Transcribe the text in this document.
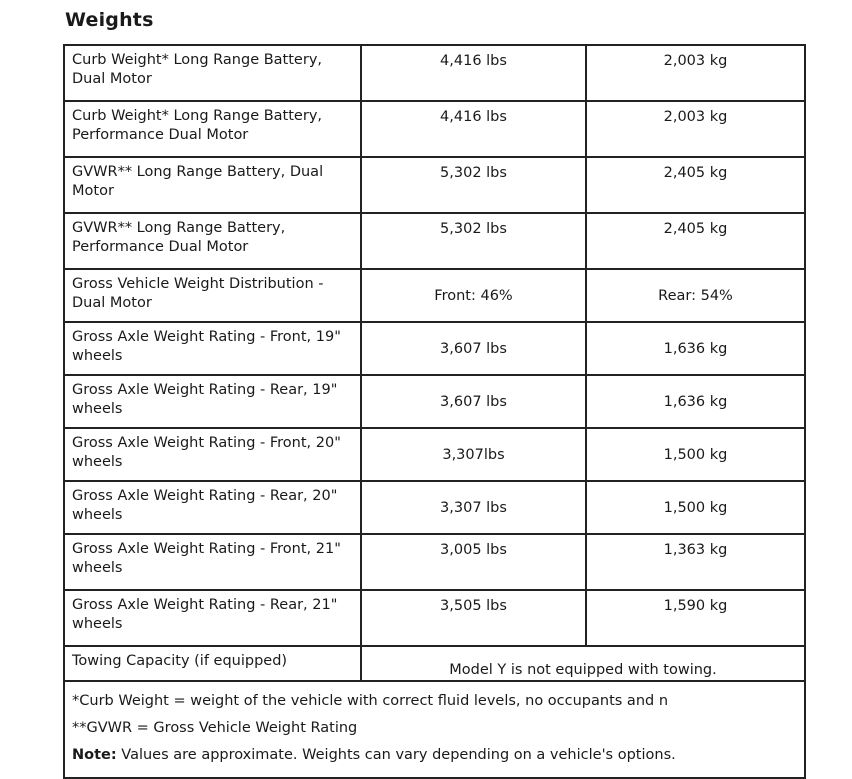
Weights
Curb Weight* Long Range Battery, Dual Motor	4,416 lbs	2,003 kg
Curb Weight* Long Range Battery, Performance Dual Motor	4,416 lbs	2,003 kg
GVWR** Long Range Battery, Dual Motor	5,302 lbs	2,405 kg
GVWR** Long Range Battery, Performance Dual Motor	5,302 lbs	2,405 kg
Gross Vehicle Weight Distribution - Dual Motor	Front: 46%	Rear: 54%
Gross Axle Weight Rating - Front, 19" wheels	3,607 lbs	1,636 kg
Gross Axle Weight Rating - Rear, 19" wheels	3,607 lbs	1,636 kg
Gross Axle Weight Rating - Front, 20" wheels	3,307lbs	1,500 kg
Gross Axle Weight Rating - Rear, 20" wheels	3,307 lbs	1,500 kg
Gross Axle Weight Rating - Front, 21" wheels	3,005 lbs	1,363 kg
Gross Axle Weight Rating - Rear, 21" wheels	3,505 lbs	1,590 kg
Towing Capacity (if equipped)	Model Y is not equipped with towing.	

*Curb Weight = weight of the vehicle with correct fluid levels, no occupants and n
**GVWR = Gross Vehicle Weight Rating
Note: Values are approximate. Weights can vary depending on a vehicle's options.		
